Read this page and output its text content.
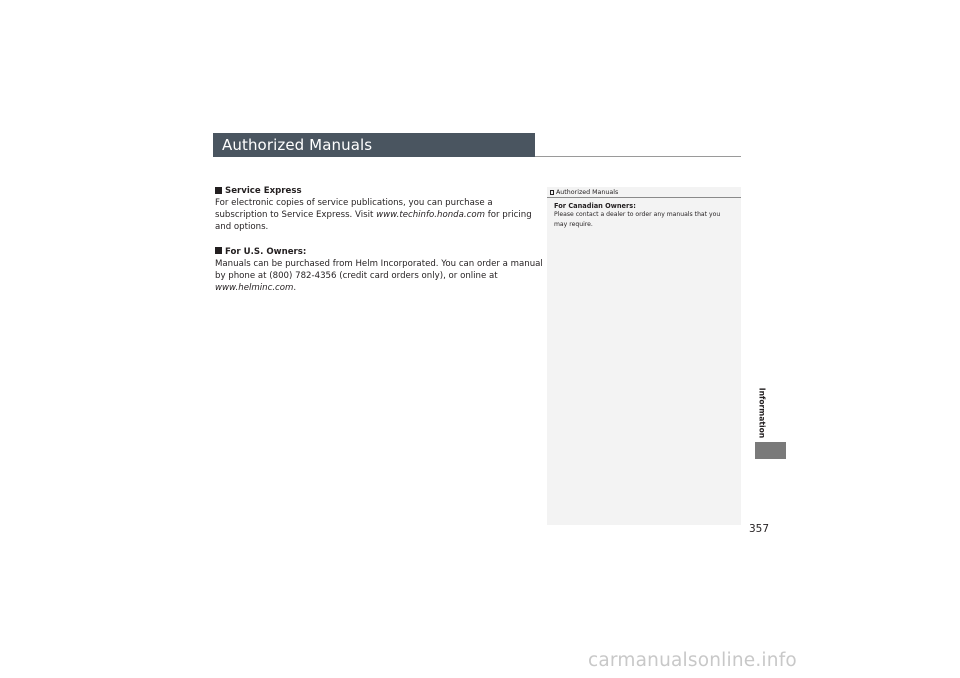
Authorized Manuals
Service Express
For electronic copies of service publications, you can purchase a subscription to Service Express. Visit www.techinfo.honda.com for pricing and options.
For U.S. Owners:
Manuals can be purchased from Helm Incorporated. You can order a manual by phone at (800) 782-4356 (credit card orders only), or online at www.helminc.com.
Authorized Manuals
For Canadian Owners:
Please contact a dealer to order any manuals that you may require.
Information
357
carmanualsonline.info
